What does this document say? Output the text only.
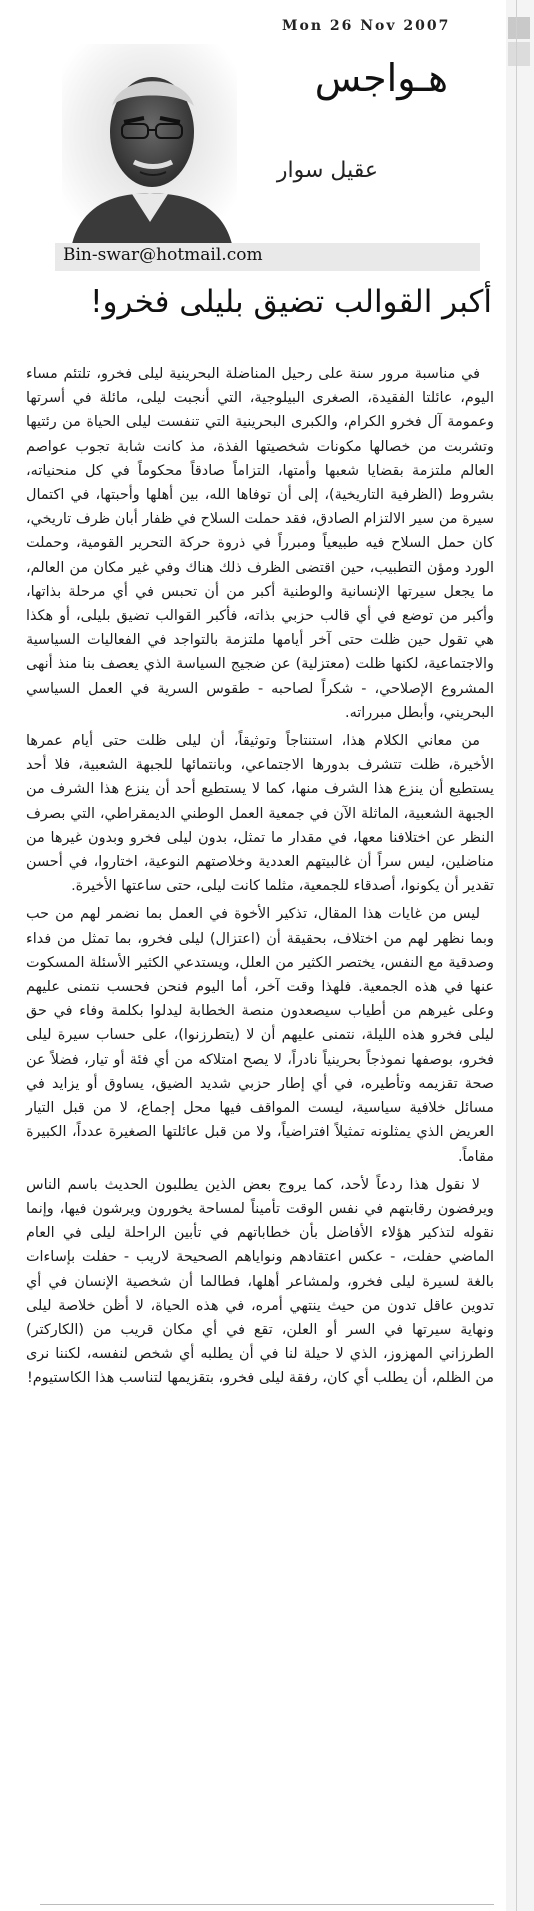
Mon 26 Nov 2007
هـواجس
عقيل سوار
Bin-swar@hotmail.com
أكبر القوالب تضيق بليلى فخرو!

في مناسبة مرور سنة على رحيل المناضلة البحرينية ليلى فخرو، تلتئم مساء اليوم، عائلتا الفقيدة، الصغرى البيلوجية، التي أنجبت ليلى، مائلة في أسرتها وعمومة آل فخرو الكرام، والكبرى البحرينية التي تنفست ليلى الحياة من رئتيها وتشربت من خصالها مكونات شخصيتها الفذة، مذ كانت شابة تجوب عواصم العالم ملتزمة بقضايا شعبها وأمتها، التزاماً صادقاً محكوماً في كل منحنياته، بشروط (الظرفية التاريخية)، إلى أن توفاها الله، بين أهلها وأحبتها، في اكتمال سيرة من سير الالتزام الصادق، فقد حملت السلاح في ظفار أبان ظرف تاريخي، كان حمل السلاح فيه طبيعياً ومبرراً في ذروة حركة التحرير القومية، وحملت الورد ومؤن التطبيب، حين اقتضى الظرف ذلك هناك وفي غير مكان من العالم، ما يجعل سيرتها الإنسانية والوطنية أكبر من أن تحبس في أي مرحلة بذاتها، وأكبر من توضع في أي قالب حزبي بذاته، فأكبر القوالب تضيق بليلى، أو هكذا هي تقول حين ظلت حتى آخر أيامها ملتزمة بالتواجد في الفعاليات السياسية والاجتماعية، لكنها ظلت (معتزلية) عن ضجيج السياسة الذي يعصف بنا منذ أنهى المشروع الإصلاحي، - شكراً لصاحبه - طقوس السرية في العمل السياسي البحريني، وأبطل مبرراته.

من معاني الكلام هذا، استنتاجاً وتوثيقاً، أن ليلى ظلت حتى أيام عمرها الأخيرة، ظلت تتشرف بدورها الاجتماعي، وبانتمائها للجبهة الشعبية، فلا أحد يستطيع أن ينزع هذا الشرف منها، كما لا يستطيع أحد أن ينزع هذا الشرف من الجبهة الشعبية، الماثلة الآن في جمعية العمل الوطني الديمقراطي، التي بصرف النظر عن اختلافنا معها، في مقدار ما تمثل، بدون ليلى فخرو وبدون غيرها من مناضلين، ليس سراً أن غالبيتهم العددية وخلاصتهم النوعية، اختاروا، في أحسن تقدير أن يكونوا، أصدقاء للجمعية، مثلما كانت ليلى، حتى ساعتها الأخيرة.

ليس من غايات هذا المقال، تذكير الأخوة في العمل بما نضمر لهم من حب وبما نظهر لهم من اختلاف، بحقيقة أن (اعتزال) ليلى فخرو، بما تمثل من فداء وصدقية مع النفس، يختصر الكثير من العلل، ويستدعي الكثير الأسئلة المسكوت عنها في هذه الجمعية. فلهذا وقت آخر، أما اليوم فنحن فحسب نتمنى عليهم وعلى غيرهم من أطياب سيصعدون منصة الخطابة ليدلوا بكلمة وفاء في حق ليلى فخرو هذه الليلة، نتمنى عليهم أن لا (يتطرزنوا)، على حساب سيرة ليلى فخرو، بوصفها نموذجاً بحرينياً نادراً، لا يصح امتلاكه من أي فئة أو تيار، فضلاً عن صحة تقزيمه وتأطيره، في أي إطار حزبي شديد الضيق، يساوق أو يزايد في مسائل خلافية سياسية، ليست المواقف فيها محل إجماع، لا من قبل التيار العريض الذي يمثلونه تمثيلاً افتراضياً، ولا من قبل عائلتها الصغيرة عدداً، الكبيرة مقاماً.

لا نقول هذا ردعاً لأحد، كما يروج بعض الذين يطلبون الحديث باسم الناس ويرفضون رقابتهم في نفس الوقت تأميناً لمساحة يخورون ويرشون فيها، وإنما نقوله لتذكير هؤلاء الأفاضل بأن خطاباتهم في تأبين الراحلة ليلى في العام الماضي حفلت، - عكس اعتقادهم ونواياهم الصحيحة لاريب - حفلت بإساءات بالغة لسيرة ليلى فخرو، ولمشاعر أهلها، فطالما أن شخصية الإنسان في أي تدوين عاقل تدون من حيث ينتهي أمره، في هذه الحياة، لا أظن خلاصة ليلى ونهاية سيرتها في السر أو العلن، تقع في أي مكان قريب من (الكاركتر) الطرزاني المهزوز، الذي لا حيلة لنا في أن يطلبه أي شخص لنفسه، لكننا نرى من الظلم، أن يطلب أي كان، رفقة ليلى فخرو، بتقزيمها لتناسب هذا الكاستيوم!
